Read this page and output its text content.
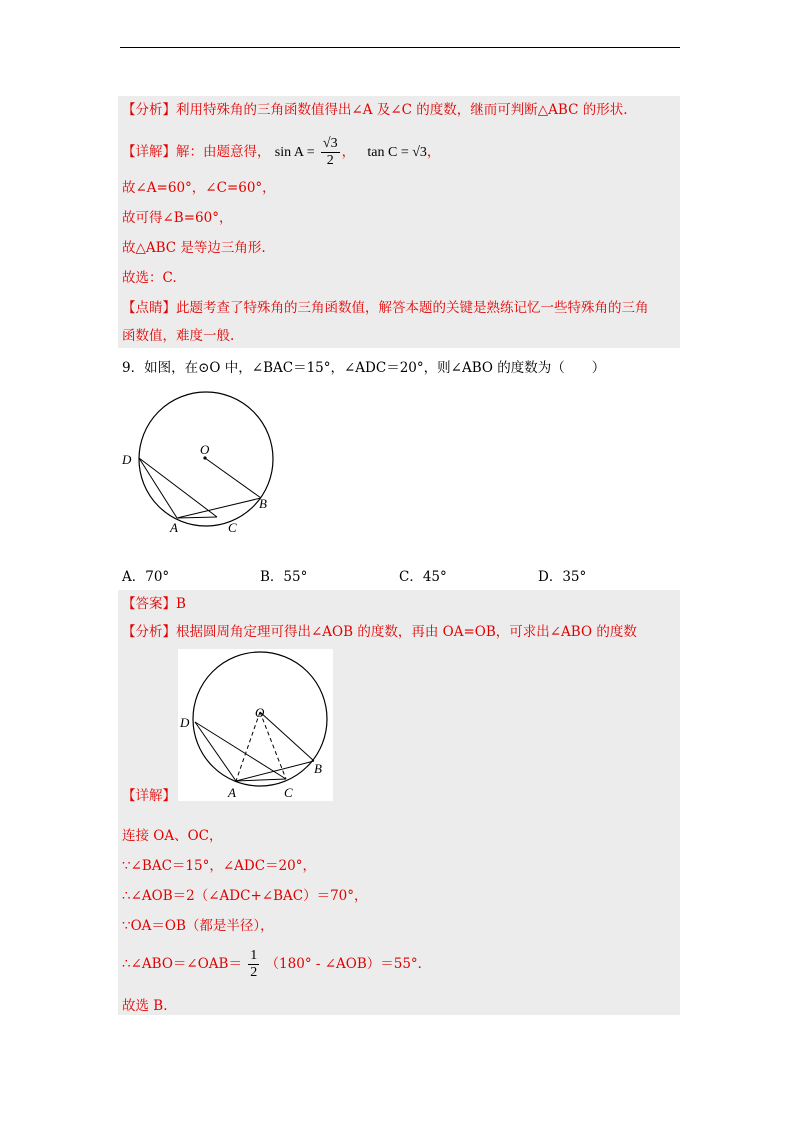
【分析】利用特殊角的三角函数值得出∠A 及∠C 的度数，继而可判断△ABC 的形状.
【详解】解：由题意得， $\sin A = \frac{√3}{2}$ ， tan C = √3，
故∠A=60°，∠C=60°，
故可得∠B=60°，
故△ABC 是等边三角形.
故选：C.
【点睛】此题考查了特殊角的三角函数值，解答本题的关键是熟练记忆一些特殊角的三角
函数值，难度一般.
9．如图，在⊙O 中，∠BAC＝15°，∠ADC＝20°，则∠ABO 的度数为（　　）
D
O
B
A	C
A．70°	B．55°	C．45°	D．35°
【答案】B
【分析】根据圆周角定理可得出∠AOB 的度数，再由 OA=OB，可求出∠ABO 的度数
D
O
B
A	C
【详解】
连接 OA、OC，
∵∠BAC＝15°，∠ADC＝20°，
∴∠AOB＝2（∠ADC+∠BAC）＝70°，
∵OA＝OB（都是半径），
∴∠ABO＝∠OAB＝ $\frac{1}{2} (180^\circ$ - ∠AOB）＝55°．
故选 B.
